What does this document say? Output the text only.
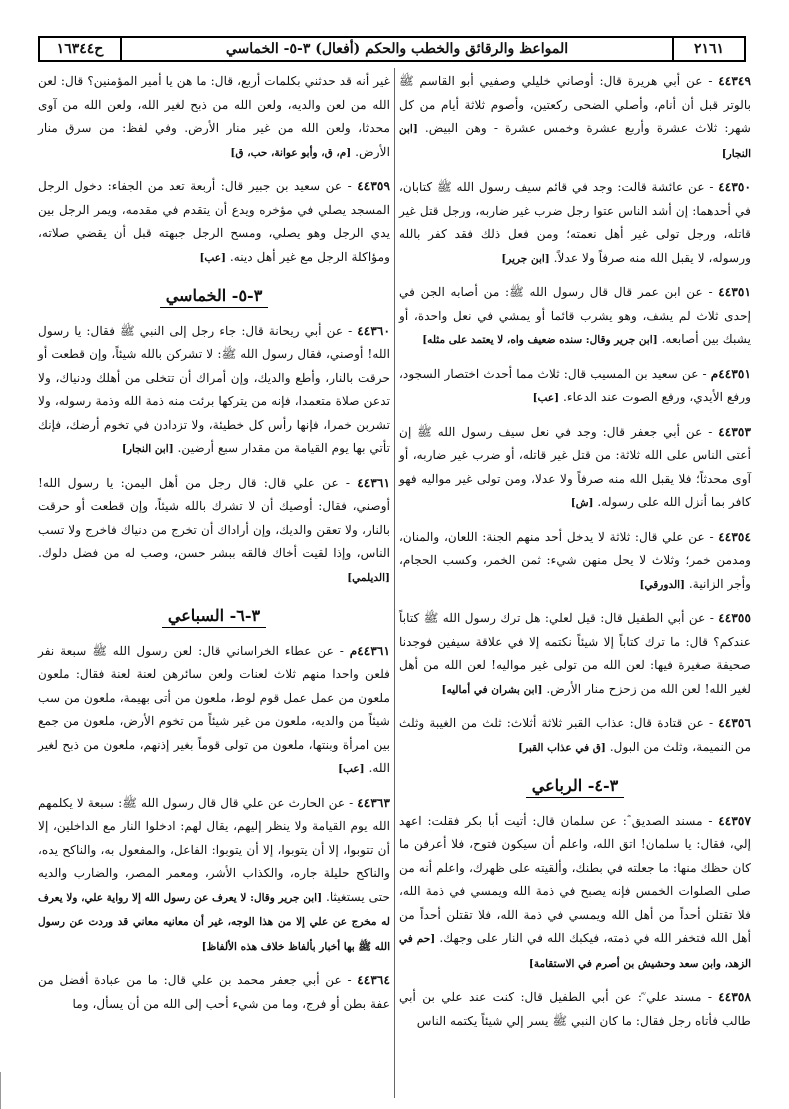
٢١٦١
المواعظ والرقائق والخطب والحكم (أفعال) ٣-٥- الخماسي
ح١٦٣٤٤
٤٤٣٤٩ - عن أبي هريرة قال: أوصاني خليلي وصفيي أبو القاسم ﷺ بالوتر قبل أن أنام، وأصلي الضحى ركعتين، وأصوم ثلاثة أيام من كل شهر: ثلاث عشرة وأربع عشرة وخمس عشرة - وهن البيض. [ابن النجار]
٤٤٣٥٠ - عن عائشة قالت: وجد في قائم سيف رسول الله ﷺ كتابان، في أحدهما: إن أشد الناس عتوا رجل ضرب غير ضاربه، ورجل قتل غير قاتله، ورجل تولى غير أهل نعمته؛ ومن فعل ذلك فقد كفر بالله ورسوله، لا يقبل الله منه صرفاً ولا عدلاً. [ابن جرير]
٤٤٣٥١ - عن ابن عمر قال قال رسول الله ﷺ: من أصابه الجن في إحدى ثلاث لم يشف، وهو يشرب قائما أو يمشي في نعل واحدة، أو يشبك بين أصابعه. [ابن جرير وقال: سنده ضعيف واه، لا يعتمد على مثله]
٤٤٣٥١م - عن سعيد بن المسيب قال: ثلاث مما أحدث اختصار السجود، ورفع الأيدي، ورفع الصوت عند الدعاء. [عب]
٤٤٣٥٣ - عن أبي جعفر قال: وجد في نعل سيف رسول الله ﷺ إن أعتى الناس على الله ثلاثة: من قتل غير قاتله، أو ضرب غير ضاربه، أو آوى محدثاً؛ فلا يقبل الله منه صرفاً ولا عدلا، ومن تولى غير مواليه فهو كافر بما أنزل الله على رسوله. [ش]
٤٤٣٥٤ - عن علي قال: ثلاثة لا يدخل أحد منهم الجنة: اللعان، والمنان، ومدمن خمر؛ وثلاث لا يحل منهن شيء: ثمن الخمر، وكسب الحجام، وأجر الزانية. [الدورقي]
٤٤٣٥٥ - عن أبي الطفيل قال: قيل لعلي: هل ترك رسول الله ﷺ كتاباً عندكم؟ قال: ما ترك كتاباً إلا شيئاً نكتمه إلا في علاقة سيفين فوجدنا صحيفة صغيرة فيها: لعن الله من تولى غير مواليه! لعن الله من أهل لغير الله! لعن الله من زحزح منار الأرض. [ابن بشران في أماليه]
٤٤٣٥٦ - عن قتادة قال: عذاب القبر ثلاثة أثلاث: ثلث من الغيبة وثلث من النميمة، وثلث من البول. [ق في عذاب القبر]
٣-٤- الرباعي
٤٤٣٥٧ - مسند الصديق ؓ: عن سلمان قال: أتيت أبا بكر فقلت: اعهد إلي، فقال: يا سلمان! اتق الله، واعلم أن سيكون فتوح، فلا أعرفن ما كان حظك منها: ما جعلته في بطنك، وألقيته على ظهرك، واعلم أنه من صلى الصلوات الخمس فإنه يصبح في ذمة الله ويمسي في ذمة الله، فلا تقتلن أحداً من أهل الله ويمسي في ذمة الله، فلا تقتلن أحداً من أهل الله فتخفر الله في ذمته، فيكبك الله في النار على وجهك. [حم في الزهد، وابن سعد وحشيش بن أصرم في الاستقامة]
٤٤٣٥٨ - مسند علي ؓ: عن أبي الطفيل قال: كنت عند علي بن أبي طالب فأتاه رجل فقال: ما كان النبي ﷺ يسر إلي شيئاً يكتمه الناس
غير أنه قد حدثني بكلمات أربع، قال: ما هن يا أمير المؤمنين؟ قال: لعن الله من لعن والديه، ولعن الله من ذبح لغير الله، ولعن الله من آوى محدثا، ولعن الله من غير منار الأرض. وفي لفظ: من سرق منار الأرض. [م، ق، وأبو عوانة، حب، ق]
٤٤٣٥٩ - عن سعيد بن جبير قال: أربعة تعد من الجفاء: دخول الرجل المسجد يصلي في مؤخره ويدع أن يتقدم في مقدمه، ويمر الرجل بين يدي الرجل وهو يصلي، ومسح الرجل جبهته قبل أن يقضي صلاته، ومؤاكلة الرجل مع غير أهل دينه. [عب]
٣-٥- الخماسي
٤٤٣٦٠ - عن أبي ريحانة قال: جاء رجل إلى النبي ﷺ فقال: يا رسول الله! أوصني، فقال رسول الله ﷺ: لا تشركن بالله شيئاً، وإن قطعت أو حرقت بالنار، وأطع والديك، وإن أمراك أن تتخلى من أهلك ودنياك، ولا تدعن صلاة متعمدا، فإنه من يتركها برئت منه ذمة الله وذمة رسوله، ولا تشربن خمرا، فإنها رأس كل خطيئة، ولا تزدادن في تخوم أرضك، فإنك تأتي بها يوم القيامة من مقدار سبع أرضين. [ابن النجار]
٤٤٣٦١ - عن علي قال: قال رجل من أهل اليمن: يا رسول الله! أوصني، فقال: أوصيك أن لا تشرك بالله شيئاً، وإن قطعت أو حرقت بالنار، ولا تعقن والديك، وإن أراداك أن تخرج من دنياك فاخرج ولا تسب الناس، وإذا لقيت أخاك فالقه ببشر حسن، وصب له من فضل دلوك. [الديلمي]
٣-٦- السباعي
٤٤٣٦١م - عن عطاء الخراساني قال: لعن رسول الله ﷺ سبعة نفر فلعن واحدا منهم ثلاث لعنات ولعن سائرهن لعنة لعنة فقال: ملعون ملعون من عمل عمل قوم لوط، ملعون من أتى بهيمة، ملعون من سب شيئاً من والديه، ملعون من غير شيئاً من تخوم الأرض، ملعون من جمع بين امرأة وبنتها، ملعون من تولى قوماً بغير إذنهم، ملعون من ذبح لغير الله. [عب]
٤٤٣٦٣ - عن الحارث عن علي قال قال رسول الله ﷺ: سبعة لا يكلمهم الله يوم القيامة ولا ينظر إليهم، يقال لهم: ادخلوا النار مع الداخلين، إلا أن تتوبوا، إلا أن يتوبوا، إلا أن يتوبوا: الفاعل، والمفعول به، والناكح يده، والناكح حليلة جاره، والكذاب الأشر، ومعمر المصر، والضارب والديه حتى يستغيثا. [ابن جرير وقال: لا يعرف عن رسول الله إلا رواية علي، ولا يعرف له مخرج عن علي إلا من هذا الوجه، غير أن معانيه معاني قد وردت عن رسول الله ﷺ بها أخبار بألفاظ خلاف هذه الألفاظ]
٤٤٣٦٤ - عن أبي جعفر محمد بن علي قال: ما من عبادة أفضل من عفة بطن أو فرج، وما من شيء أحب إلى الله من أن يسأل، وما
